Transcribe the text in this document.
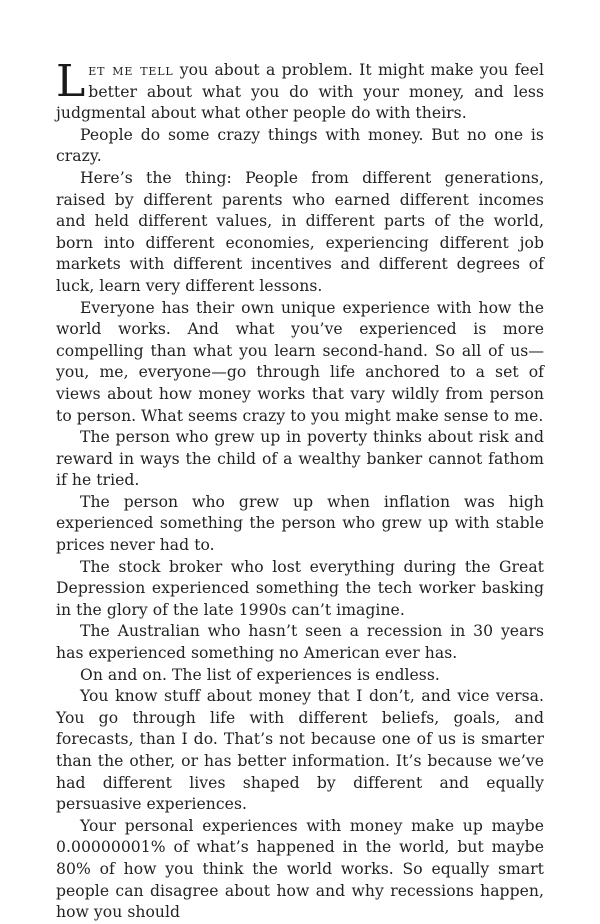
Let me tell you about a problem. It might make you feel better about what you do with your money, and less judgmental about what other people do with theirs.

People do some crazy things with money. But no one is crazy.

Here’s the thing: People from different generations, raised by different parents who earned different incomes and held different values, in different parts of the world, born into different economies, experiencing different job markets with different incentives and different degrees of luck, learn very different lessons.

Everyone has their own unique experience with how the world works. And what you’ve experienced is more compelling than what you learn second-hand. So all of us—you, me, everyone—go through life anchored to a set of views about how money works that vary wildly from person to person. What seems crazy to you might make sense to me.

The person who grew up in poverty thinks about risk and reward in ways the child of a wealthy banker cannot fathom if he tried.

The person who grew up when inflation was high experienced something the person who grew up with stable prices never had to.

The stock broker who lost everything during the Great Depression experienced something the tech worker basking in the glory of the late 1990s can’t imagine.

The Australian who hasn’t seen a recession in 30 years has experienced something no American ever has.

On and on. The list of experiences is endless.

You know stuff about money that I don’t, and vice versa. You go through life with different beliefs, goals, and forecasts, than I do. That’s not because one of us is smarter than the other, or has better information. It’s because we’ve had different lives shaped by different and equally persuasive experiences.

Your personal experiences with money make up maybe 0.00000001% of what’s happened in the world, but maybe 80% of how you think the world works. So equally smart people can disagree about how and why recessions happen, how you should
